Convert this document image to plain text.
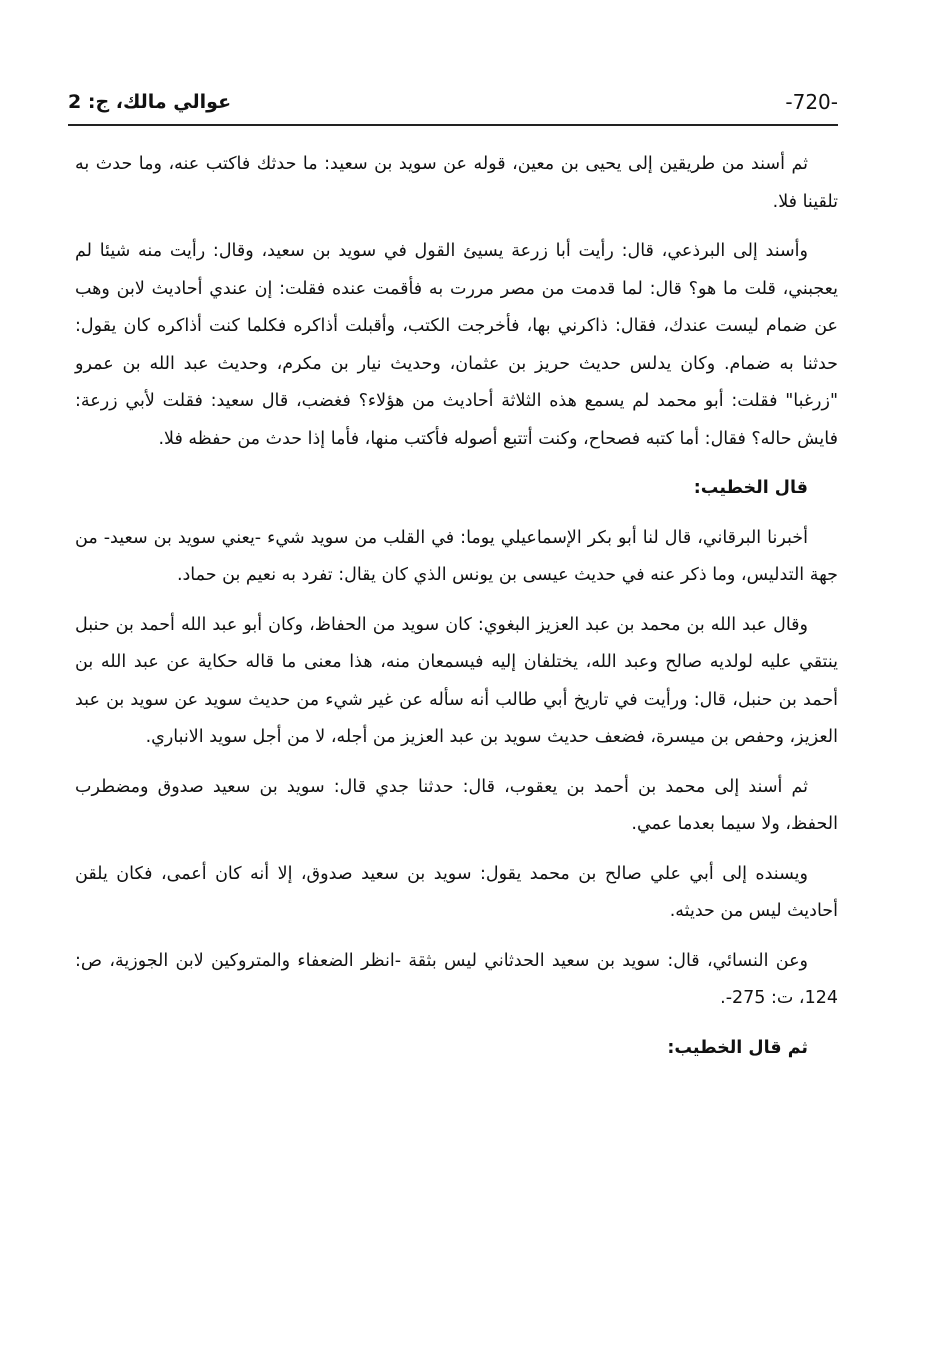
-720-
عوالي مالك، ج: 2

ثم أسند من طريقين إلى يحيى بن معين، قوله عن سويد بن سعيد: ما حدثك فاكتب عنه، وما حدث به تلقينا فلا.

وأسند إلى البرذعي، قال: رأيت أبا زرعة يسيئ القول في سويد بن سعيد، وقال: رأيت منه شيئا لم يعجبني، قلت ما هو؟ قال: لما قدمت من مصر مررت به فأقمت عنده فقلت: إن عندي أحاديث لابن وهب عن ضمام ليست عندك، فقال: ذاكرني بها، فأخرجت الكتب، وأقبلت أذاكره فكلما كنت أذاكره كان يقول: حدثنا به ضمام. وكان يدلس حديث حريز بن عثمان، وحديث نيار بن مكرم، وحديث عبد الله بن عمرو "زرغبا" فقلت: أبو محمد لم يسمع هذه الثلاثة أحاديث من هؤلاء؟ فغضب، قال سعيد: فقلت لأبي زرعة: فايش حاله؟ فقال: أما كتبه فصحاح، وكنت أتتبع أصوله فأكتب منها، فأما إذا حدث من حفظه فلا.

قال الخطيب:

أخبرنا البرقاني، قال لنا أبو بكر الإسماعيلي يوما: في القلب من سويد شيء -يعني سويد بن سعيد- من جهة التدليس، وما ذكر عنه في حديث عيسى بن يونس الذي كان يقال: تفرد به نعيم بن حماد.

وقال عبد الله بن محمد بن عبد العزيز البغوي: كان سويد من الحفاظ، وكان أبو عبد الله أحمد بن حنبل ينتقي عليه لولديه صالح وعبد الله، يختلفان إليه فيسمعان منه، هذا معنى ما قاله حكاية عن عبد الله بن أحمد بن حنبل، قال: ورأيت في تاريخ أبي طالب أنه سأله عن غير شيء من حديث سويد عن سويد بن عبد العزيز، وحفص بن ميسرة، فضعف حديث سويد بن عبد العزيز من أجله، لا من أجل سويد الانباري.

ثم أسند إلى محمد بن أحمد بن يعقوب، قال: حدثنا جدي قال: سويد بن سعيد صدوق ومضطرب الحفظ، ولا سيما بعدما عمي.

ويسنده إلى أبي علي صالح بن محمد يقول: سويد بن سعيد صدوق، إلا أنه كان أعمى، فكان يلقن أحاديث ليس من حديثه.

وعن النسائي، قال: سويد بن سعيد الحدثاني ليس بثقة -انظر الضعفاء والمتروكين لابن الجوزية، ص: 124، ت: 275-.

ثم قال الخطيب:
